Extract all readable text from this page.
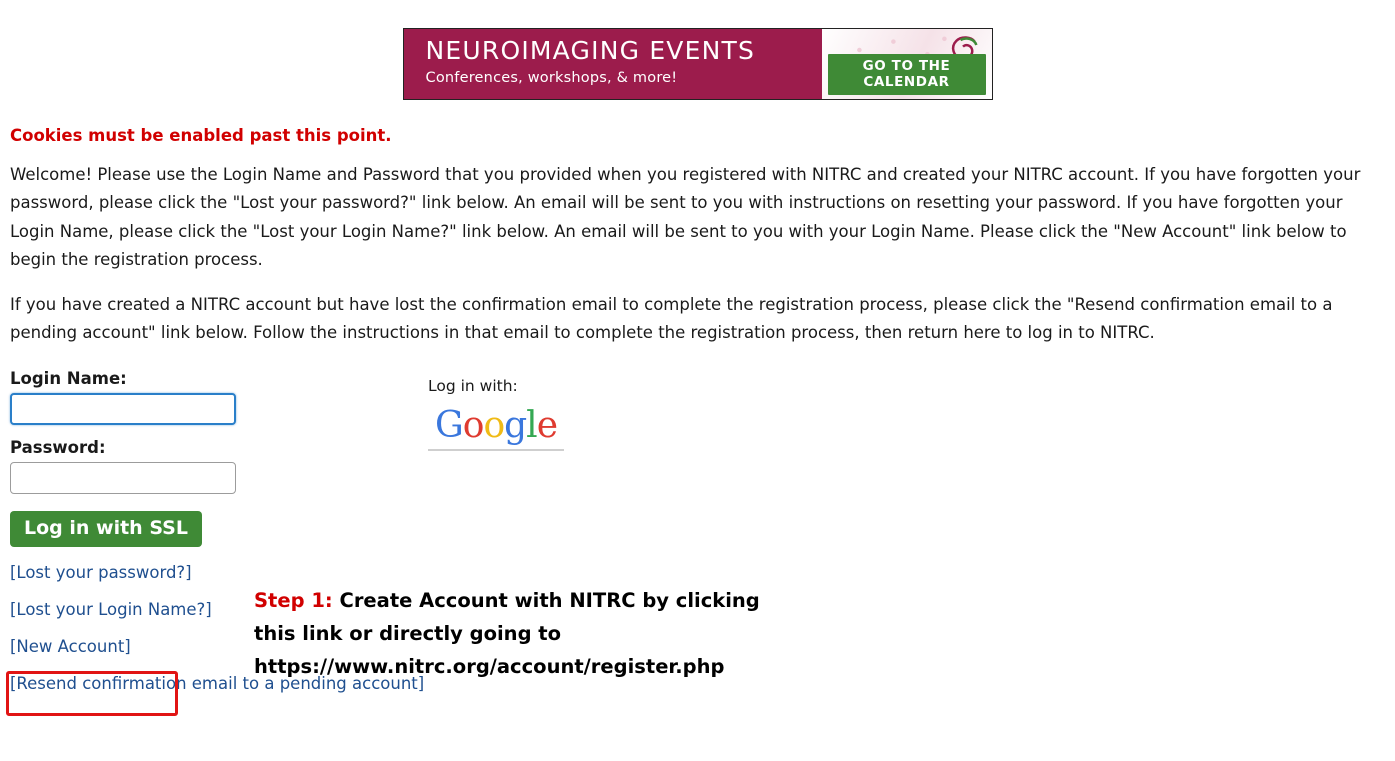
NEUROIMAGING EVENTS
Conferences, workshops, & more!
GO TO THE CALENDAR
Cookies must be enabled past this point.

Welcome! Please use the Login Name and Password that you provided when you registered with NITRC and created your NITRC account. If you have forgotten your password, please click the "Lost your password?" link below. An email will be sent to you with instructions on resetting your password. If you have forgotten your Login Name, please click the "Lost your Login Name?" link below. An email will be sent to you with your Login Name. Please click the "New Account" link below to begin the registration process.

If you have created a NITRC account but have lost the confirmation email to complete the registration process, please click the "Resend confirmation email to a pending account" link below. Follow the instructions in that email to complete the registration process, then return here to log in to NITRC.

Login Name:
Password:
Log in with SSL
[Lost your password?]
[Lost your Login Name?]
[New Account]
[Resend confirmation email to a pending account]
Log in with:
G o o g l e
Step 1: Create Account with NITRC by clicking
this link or directly going to
https://www.nitrc.org/account/register.php
